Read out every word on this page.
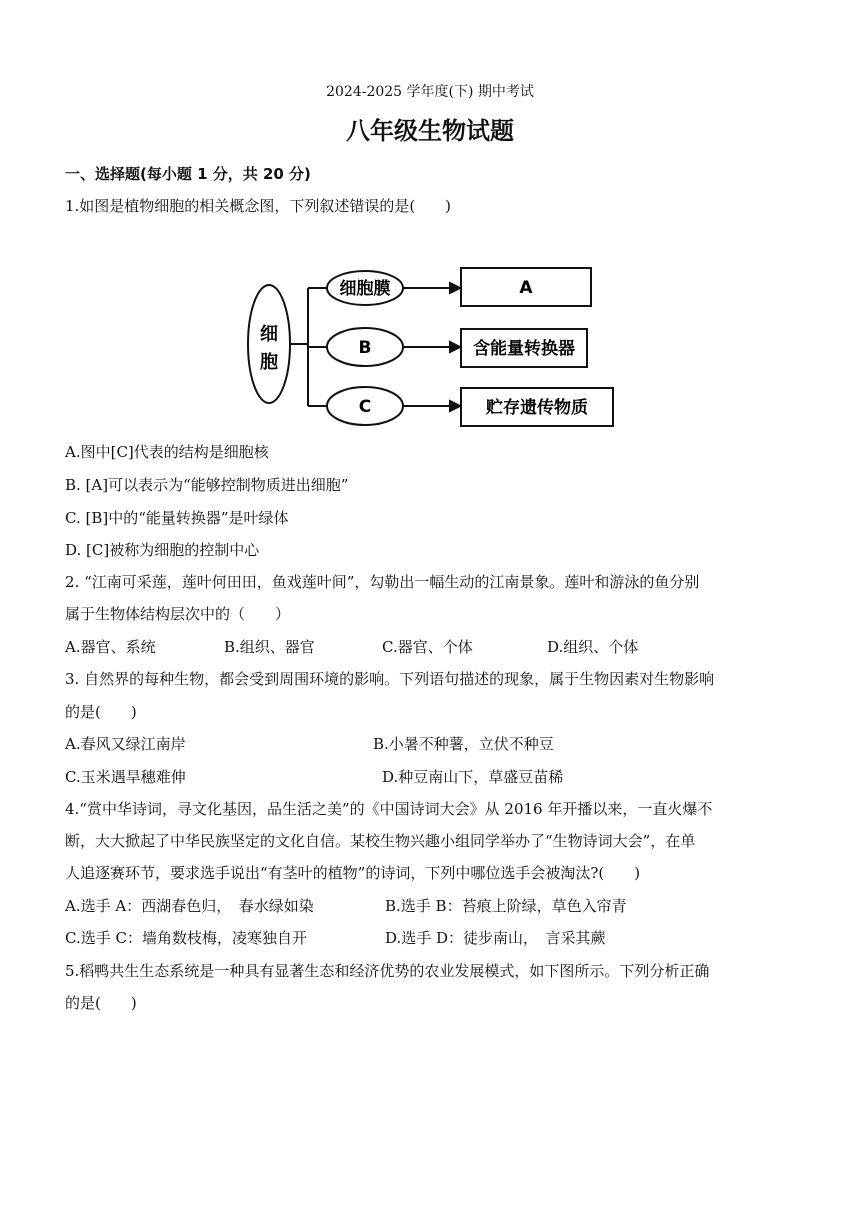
2024-2025 学年度(下) 期中考试
八年级生物试题
一、选择题(每小题 1 分，共 20 分)
1.如图是植物细胞的相关概念图，下列叙述错误的是(　　)
细
胞
细胞膜
B
C
A
含能量转换器
贮存遗传物质
A.图中[C]代表的结构是细胞核
B. [A]可以表示为“能够控制物质进出细胞”
C. [B]中的“能量转换器”是叶绿体
D. [C]被称为细胞的控制中心
2. “江南可采莲，莲叶何田田，鱼戏莲叶间”，勾勒出一幅生动的江南景象。莲叶和游泳的鱼分别
属于生物体结构层次中的（　　）
A.器官、系统	B.组织、器官	C.器官、个体	D.组织、个体
3. 自然界的每种生物，都会受到周围环境的影响。下列语句描述的现象，属于生物因素对生物影响
的是(　　)
A.春风又绿江南岸	B.小暑不种薯，立伏不种豆
C.玉米遇旱穗难伸	D.种豆南山下，草盛豆苗稀
4.“赏中华诗词，寻文化基因，品生活之美”的《中国诗词大会》从 2016 年开播以来，一直火爆不
断，大大掀起了中华民族坚定的文化自信。某校生物兴趣小组同学举办了“生物诗词大会”，在单
人追逐赛环节，要求选手说出“有茎叶的植物”的诗词，下列中哪位选手会被淘汰?(　　)
A.选手 A：西湖春色归，　春水绿如染	B.选手 B：苔痕上阶绿，草色入帘青
C.选手 C：墙角数枝梅，凌寒独自开	D.选手 D：徒步南山，　言采其蕨
5.稻鸭共生生态系统是一种具有显著生态和经济优势的农业发展模式，如下图所示。下列分析正确
的是(　　)
